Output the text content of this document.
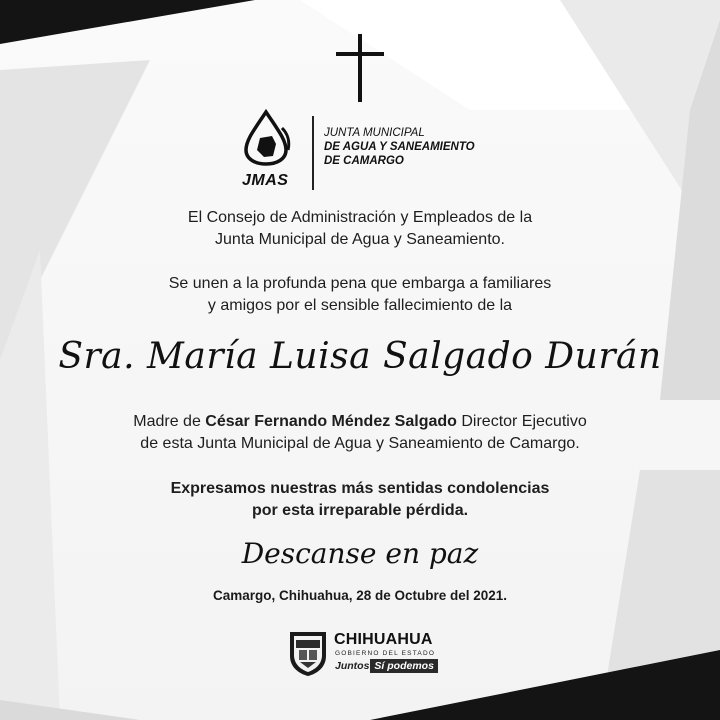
JMAS
JUNTA MUNICIPAL
DE AGUA Y SANEAMIENTO
DE CAMARGO
El Consejo de Administración y Empleados de la
Junta Municipal de Agua y Saneamiento.
Se unen a la profunda pena que embarga a familiares
y amigos por el sensible fallecimiento de la
Sra. María Luisa Salgado Durán
Madre de César Fernando Méndez Salgado Director Ejecutivo
de esta Junta Municipal de Agua y Saneamiento de Camargo.
Expresamos nuestras más sentidas condolencias
por esta irreparable pérdida.
Descanse en paz
Camargo, Chihuahua, 28 de Octubre del 2021.
CHIHUAHUA
GOBIERNO DEL ESTADO
Juntos Sí podemos
